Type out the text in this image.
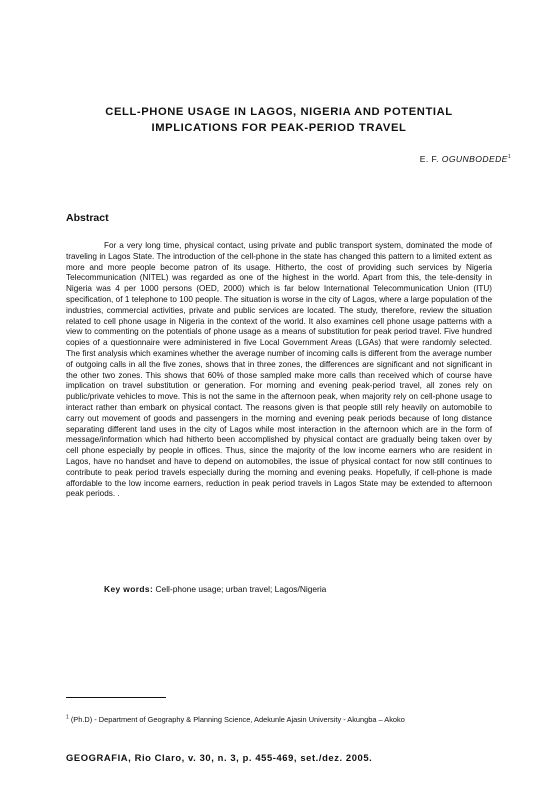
CELL-PHONE USAGE IN LAGOS, NIGERIA AND POTENTIAL IMPLICATIONS FOR PEAK-PERIOD TRAVEL
E. F. OGUNBODEDE$^1$
Abstract

For a very long time, physical contact, using private and public transport system, dominated the mode of traveling in Lagos State. The introduction of the cell-phone in the state has changed this pattern to a limited extent as more and more people become patron of its usage. Hitherto, the cost of providing such services by Nigeria Telecommunication (NITEL) was regarded as one of the highest in the world. Apart from this, the tele-density in Nigeria was 4 per 1000 persons (OED, 2000) which is far below International Telecommunication Union (ITU) specification, of 1 telephone to 100 people. The situation is worse in the city of Lagos, where a large population of the industries, commercial activities, private and public services are located. The study, therefore, review the situation related to cell phone usage in Nigeria in the context of the world. It also examines cell phone usage patterns with a view to commenting on the potentials of phone usage as a means of substitution for peak period travel. Five hundred copies of a questionnaire were administered in five Local Government Areas (LGAs) that were randomly selected. The first analysis which examines whether the average number of incoming calls is different from the average number of outgoing calls in all the five zones, shows that in three zones, the differences are significant and not significant in the other two zones. This shows that 60% of those sampled make more calls than received which of course have implication on travel substitution or generation. For morning and evening peak-period travel, all zones rely on public/private vehicles to move. This is not the same in the afternoon peak, when majority rely on cell-phone usage to interact rather than embark on physical contact. The reasons given is that people still rely heavily on automobile to carry out movement of goods and passengers in the morning and evening peak periods because of long distance separating different land uses in the city of Lagos while most interaction in the afternoon which are in the form of message/information which had hitherto been accomplished by physical contact are gradually being taken over by cell phone especially by people in offices. Thus, since the majority of the low income earners who are resident in Lagos, have no handset and have to depend on automobiles, the issue of physical contact for now still continues to contribute to peak period travels especially during the morning and evening peaks. Hopefully, if cell-phone is made affordable to the low income earners, reduction in peak period travels in Lagos State may be extended to afternoon peak periods. .

Key words: Cell-phone usage; urban travel; Lagos/Nigeria
$^1$ (Ph.D) - Department of Geography & Planning Science, Adekunle Ajasin University - Akungba – Akoko
GEOGRAFIA, Rio Claro, v. 30, n. 3, p. 455-469, set./dez. 2005.
